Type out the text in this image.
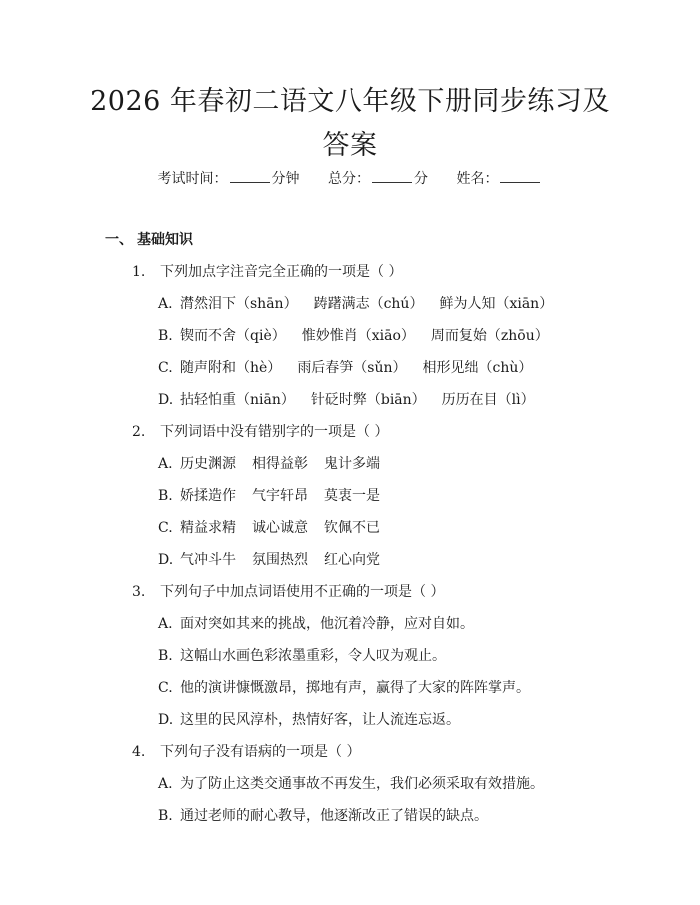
2026 年春初二语文八年级下册同步练习及答案
考试时间：	分钟 总分：	分 姓名：
一、 基础知识
1. 下列加点字注音完全正确的一项是（ ）
A. 潸然泪下（shān） 踌躇满志（chú） 鲜为人知（xiān）
B. 锲而不舍（qiè） 惟妙惟肖（xiāo） 周而复始（zhōu）
C. 随声附和（hè） 雨后春笋（sǔn） 相形见绌（chù）
D. 拈轻怕重（niān） 针砭时弊（biān） 历历在目（lì）
2. 下列词语中没有错别字的一项是（ ）
A. 历史渊源 相得益彰 鬼计多端
B. 娇揉造作 气宇轩昂 莫衷一是
C. 精益求精 诚心诚意 钦佩不已
D. 气冲斗牛 氛围热烈 红心向党
3. 下列句子中加点词语使用不正确的一项是（ ）
A. 面对突如其来的挑战，他沉着冷静，应对自如。
B. 这幅山水画色彩浓墨重彩，令人叹为观止。
C. 他的演讲慷慨激昂，掷地有声，赢得了大家的阵阵掌声。
D. 这里的民风淳朴，热情好客，让人流连忘返。
4. 下列句子没有语病的一项是（ ）
A. 为了防止这类交通事故不再发生，我们必须采取有效措施。
B. 通过老师的耐心教导，他逐渐改正了错误的缺点。
